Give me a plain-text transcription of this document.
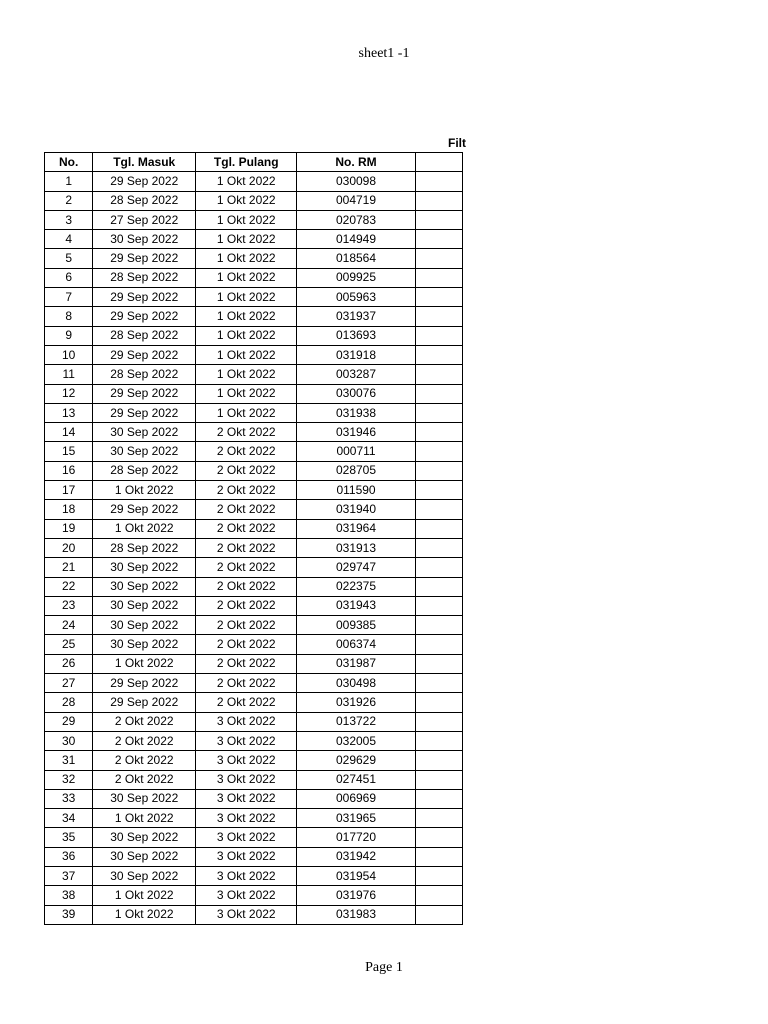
sheet1 -1
Filt
No.	Tgl. Masuk	Tgl. Pulang	No. RM	
1	29 Sep 2022	1 Okt 2022	030098	
2	28 Sep 2022	1 Okt 2022	004719	
3	27 Sep 2022	1 Okt 2022	020783	
4	30 Sep 2022	1 Okt 2022	014949	
5	29 Sep 2022	1 Okt 2022	018564	
6	28 Sep 2022	1 Okt 2022	009925	
7	29 Sep 2022	1 Okt 2022	005963	
8	29 Sep 2022	1 Okt 2022	031937	
9	28 Sep 2022	1 Okt 2022	013693	
10	29 Sep 2022	1 Okt 2022	031918	
11	28 Sep 2022	1 Okt 2022	003287	
12	29 Sep 2022	1 Okt 2022	030076	
13	29 Sep 2022	1 Okt 2022	031938	
14	30 Sep 2022	2 Okt 2022	031946	
15	30 Sep 2022	2 Okt 2022	000711	
16	28 Sep 2022	2 Okt 2022	028705	
17	1 Okt 2022	2 Okt 2022	011590	
18	29 Sep 2022	2 Okt 2022	031940	
19	1 Okt 2022	2 Okt 2022	031964	
20	28 Sep 2022	2 Okt 2022	031913	
21	30 Sep 2022	2 Okt 2022	029747	
22	30 Sep 2022	2 Okt 2022	022375	
23	30 Sep 2022	2 Okt 2022	031943	
24	30 Sep 2022	2 Okt 2022	009385	
25	30 Sep 2022	2 Okt 2022	006374	
26	1 Okt 2022	2 Okt 2022	031987	
27	29 Sep 2022	2 Okt 2022	030498	
28	29 Sep 2022	2 Okt 2022	031926	
29	2 Okt 2022	3 Okt 2022	013722	
30	2 Okt 2022	3 Okt 2022	032005	
31	2 Okt 2022	3 Okt 2022	029629	
32	2 Okt 2022	3 Okt 2022	027451	
33	30 Sep 2022	3 Okt 2022	006969	
34	1 Okt 2022	3 Okt 2022	031965	
35	30 Sep 2022	3 Okt 2022	017720	
36	30 Sep 2022	3 Okt 2022	031942	
37	30 Sep 2022	3 Okt 2022	031954	
38	1 Okt 2022	3 Okt 2022	031976	
39	1 Okt 2022	3 Okt 2022	031983	
Page 1
